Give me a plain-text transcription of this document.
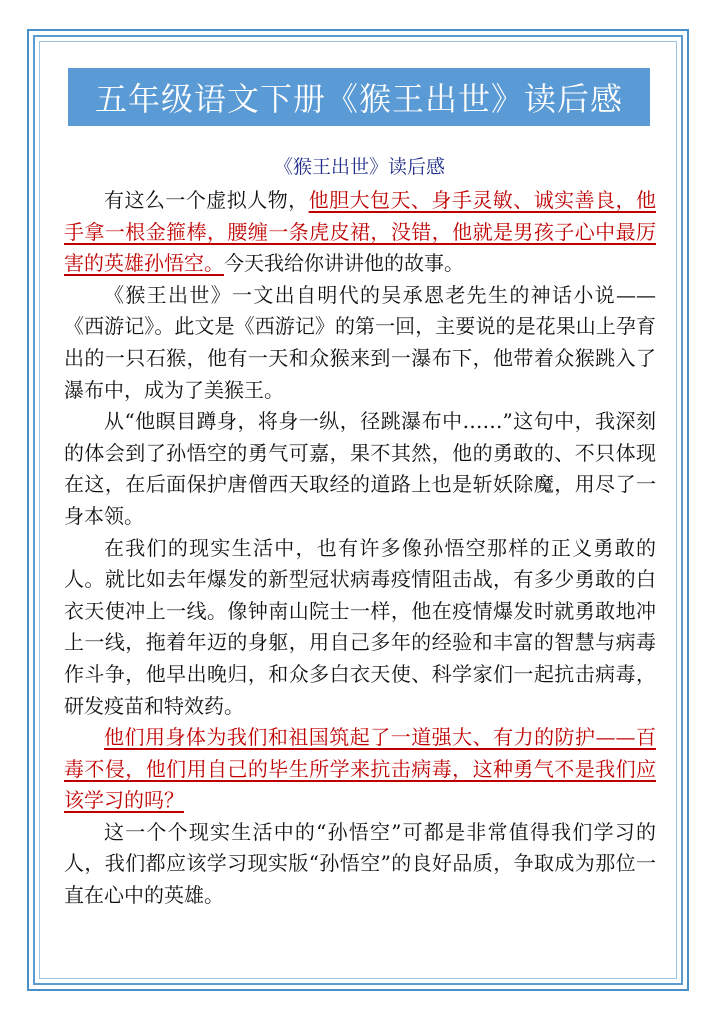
五年级语文下册《猴王出世》读后感
《猴王出世》读后感

有这么一个虚拟人物，他胆大包天、身手灵敏、诚实善良，他手拿一根金箍棒，腰缠一条虎皮裙，没错，他就是男孩子心中最厉害的英雄孙悟空。今天我给你讲讲他的故事。

《猴王出世》一文出自明代的吴承恩老先生的神话小说——《西游记》。此文是《西游记》的第一回，主要说的是花果山上孕育出的一只石猴，他有一天和众猴来到一瀑布下，他带着众猴跳入了瀑布中，成为了美猴王。

从“他瞑目蹲身，将身一纵，径跳瀑布中……”这句中，我深刻的体会到了孙悟空的勇气可嘉，果不其然，他的勇敢的、不只体现在这，在后面保护唐僧西天取经的道路上也是斩妖除魔，用尽了一身本领。

在我们的现实生活中，也有许多像孙悟空那样的正义勇敢的人。就比如去年爆发的新型冠状病毒疫情阻击战，有多少勇敢的白衣天使冲上一线。像钟南山院士一样，他在疫情爆发时就勇敢地冲上一线，拖着年迈的身躯，用自己多年的经验和丰富的智慧与病毒作斗争，他早出晚归，和众多白衣天使、科学家们一起抗击病毒，研发疫苗和特效药。

他们用身体为我们和祖国筑起了一道强大、有力的防护——百毒不侵，他们用自己的毕生所学来抗击病毒，这种勇气不是我们应该学习的吗？

这一个个现实生活中的“孙悟空”可都是非常值得我们学习的人，我们都应该学习现实版“孙悟空”的良好品质，争取成为那位一直在心中的英雄。
